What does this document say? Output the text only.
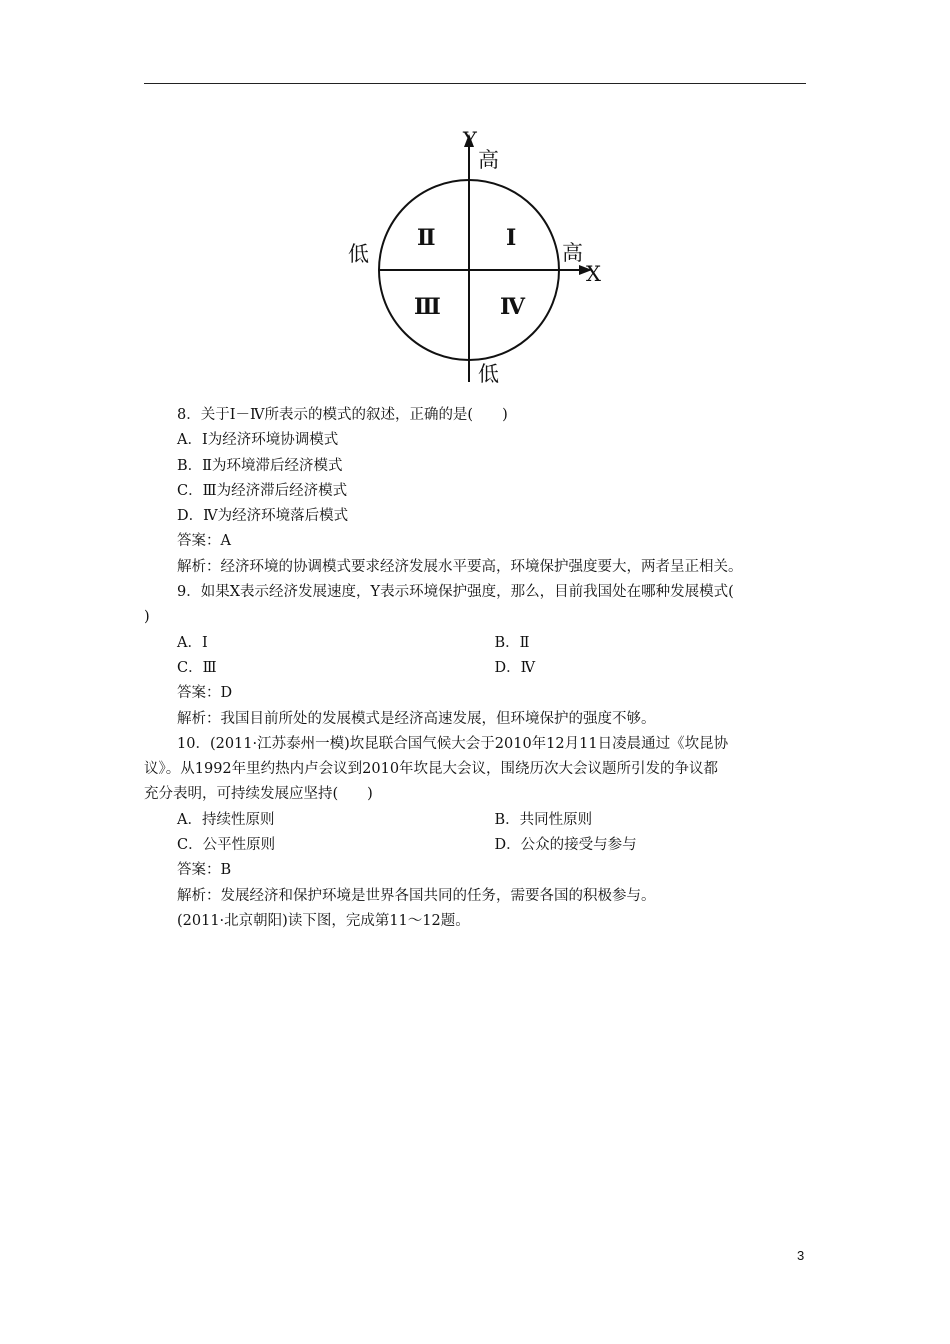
Y
高
低
高
X
低
Ⅰ
Ⅱ
Ⅲ	Ⅳ
8．关于Ⅰ－Ⅳ所表示的模式的叙述，正确的是(　　)
A．Ⅰ为经济环境协调模式
B．Ⅱ为环境滞后经济模式
C．Ⅲ为经济滞后经济模式
D．Ⅳ为经济环境落后模式
答案：A
解析：经济环境的协调模式要求经济发展水平要高，环境保护强度要大，两者呈正相关。
9．如果X表示经济发展速度，Y表示环境保护强度，那么，目前我国处在哪种发展模式(
)
A．Ⅰ	B．Ⅱ
C．Ⅲ	D．Ⅳ
答案：D
解析：我国目前所处的发展模式是经济高速发展，但环境保护的强度不够。
10．(2011·江苏泰州一模)坎昆联合国气候大会于2010年12月11日凌晨通过《坎昆协
议》。从1992年里约热内卢会议到2010年坎昆大会议，围绕历次大会议题所引发的争议都
充分表明，可持续发展应坚持(　　)
A．持续性原则	B．共同性原则
C．公平性原则	D．公众的接受与参与
答案：B
解析：发展经济和保护环境是世界各国共同的任务，需要各国的积极参与。
(2011·北京朝阳)读下图，完成第11～12题。
3
